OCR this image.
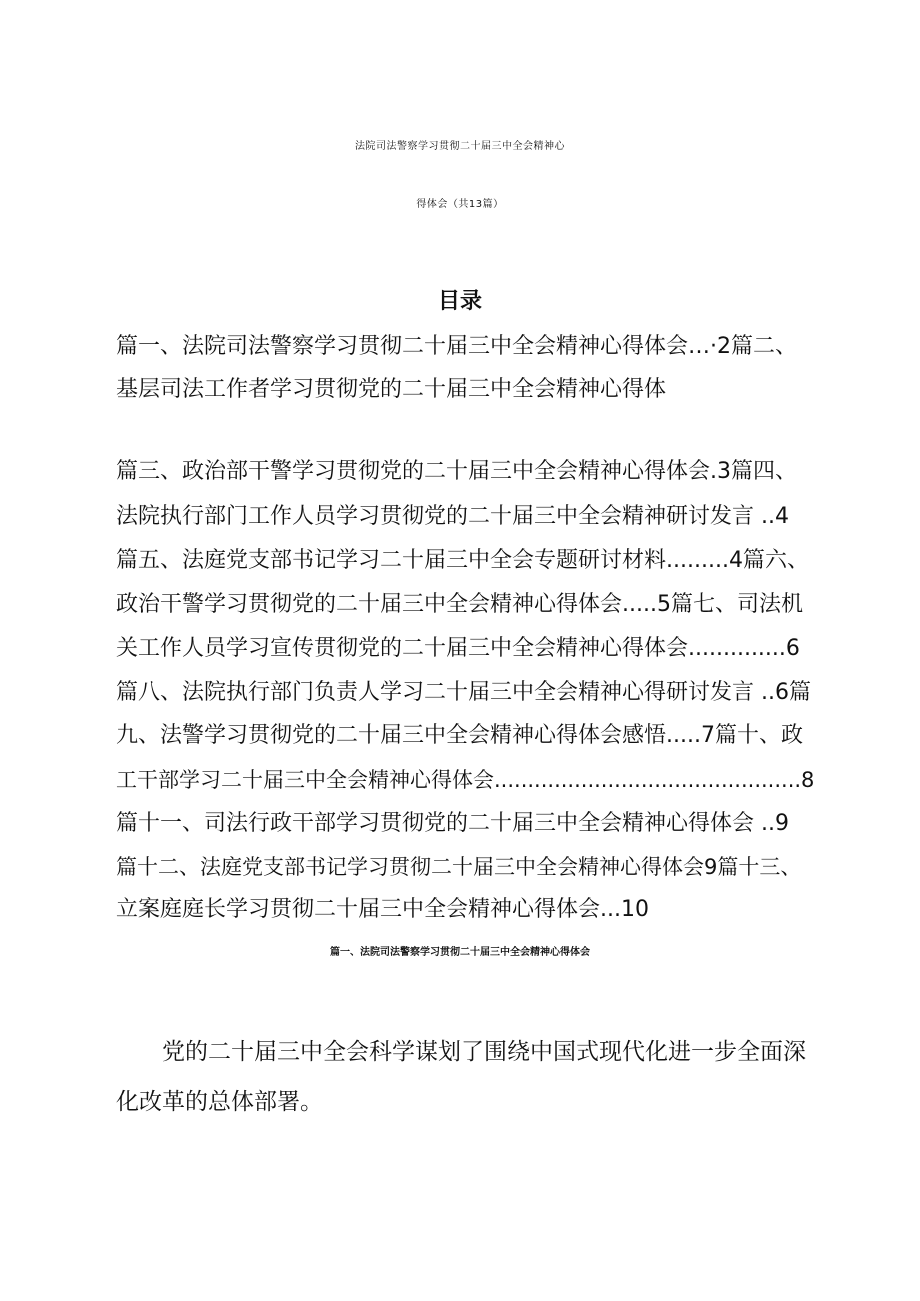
法院司法警察学习贯彻二十届三中全会精神心
得体会（共13篇）
目录

篇一、法院司法警察学习贯彻二十届三中全会精神心得体会…·2篇二、

基层司法工作者学习贯彻党的二十届三中全会精神心得体

篇三、政治部干警学习贯彻党的二十届三中全会精神心得体会.3篇四、

法院执行部门工作人员学习贯彻党的二十届三中全会精神研讨发言 ..4

篇五、法庭党支部书记学习二十届三中全会专题研讨材料.........4篇六、

政治干警学习贯彻党的二十届三中全会精神心得体会.....5篇七、司法机

关工作人员学习宣传贯彻党的二十届三中全会精神心得体会..............6

篇八、法院执行部门负责人学习二十届三中全会精神心得研讨发言 ..6篇

九、法警学习贯彻党的二十届三中全会精神心得体会感悟.....7篇十、政

工干部学习二十届三中全会精神心得体会..............................................8

篇十一、司法行政干部学习贯彻党的二十届三中全会精神心得体会 ..9

篇十二、法庭党支部书记学习贯彻二十届三中全会精神心得体会9篇十三、

立案庭庭长学习贯彻二十届三中全会精神心得体会...10

篇一、法院司法警察学习贯彻二十届三中全会精神心得体会
党的二十届三中全会科学谋划了围绕中国式现代化进一步全面深
化改革的总体部署。
